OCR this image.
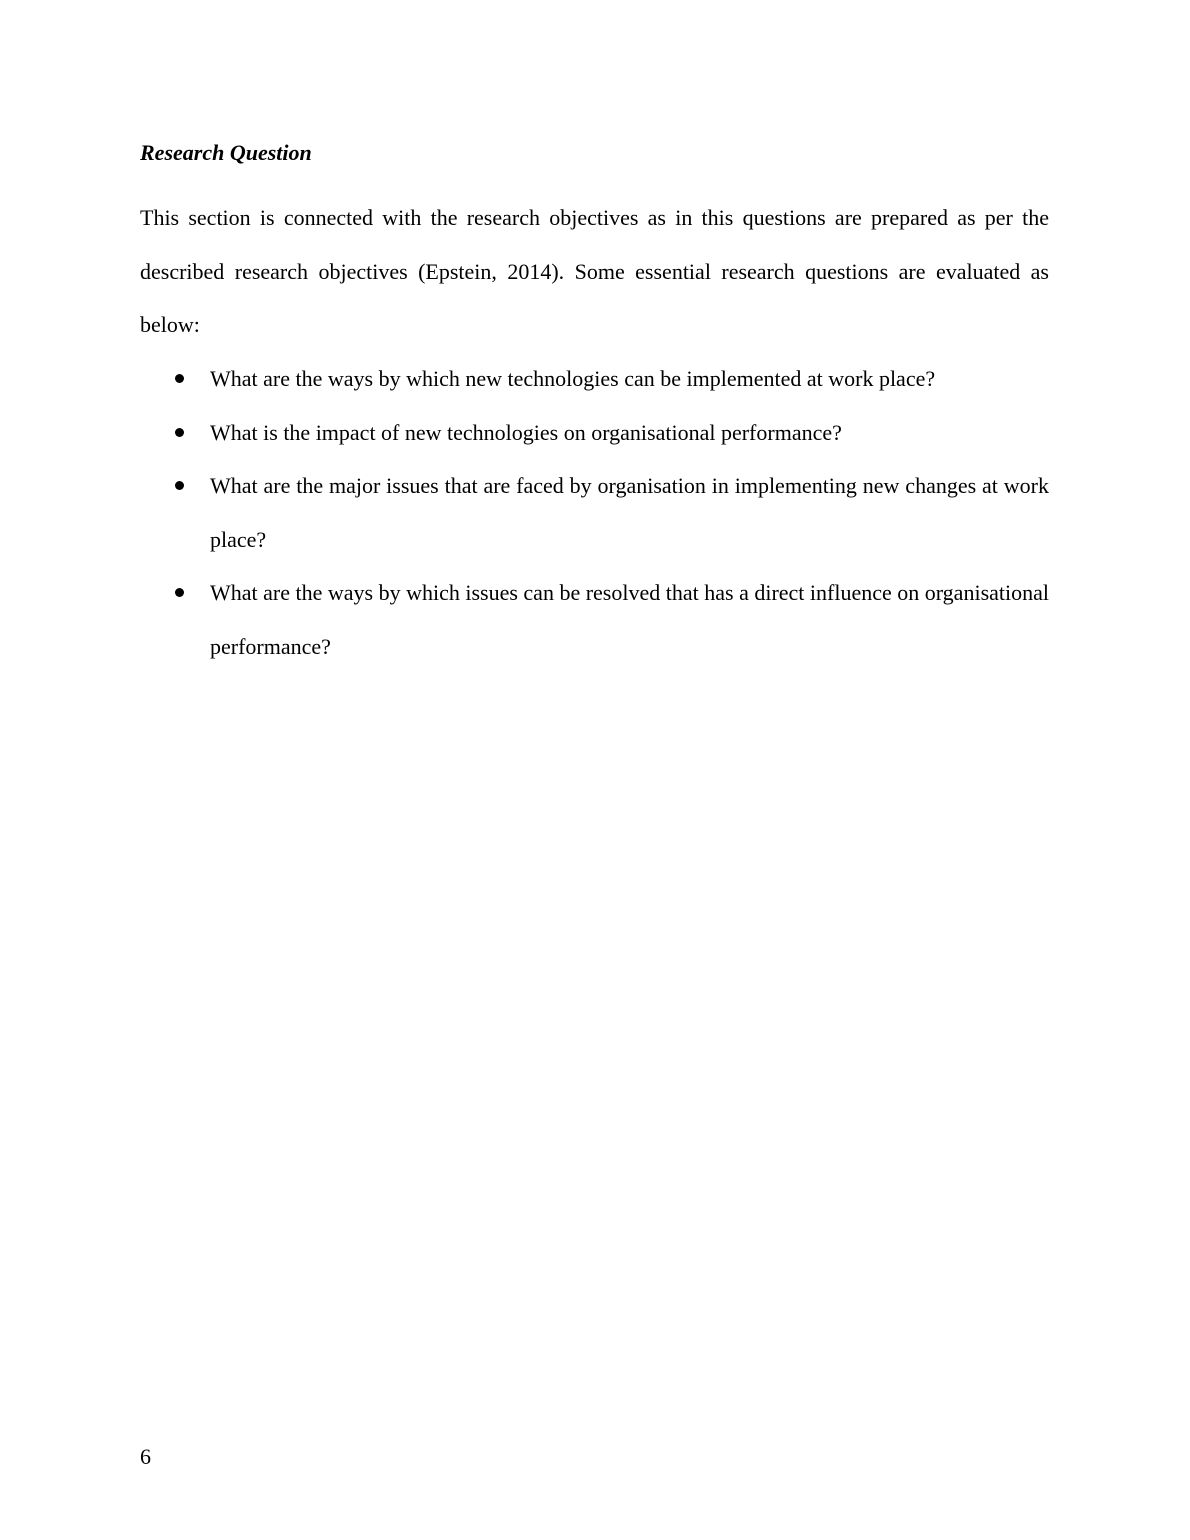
Research Question

This section is connected with the research objectives as in this questions are prepared as per the described research objectives (Epstein, 2014). Some essential research questions are evaluated as below:

What are the ways by which new technologies can be implemented at work place?
What is the impact of new technologies on organisational performance?
What are the major issues that are faced by organisation in implementing new changes at work place?
What are the ways by which issues can be resolved that has a direct influence on organisational performance?
6
